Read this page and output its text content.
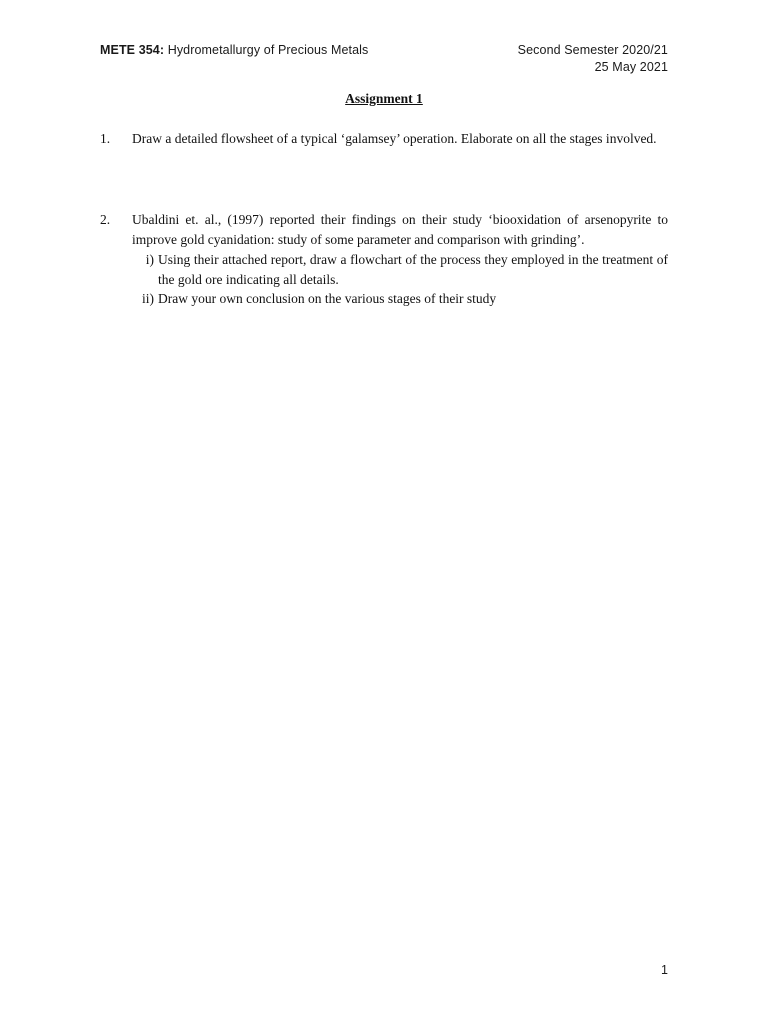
METE 354: Hydrometallurgy of Precious Metals	Second Semester 2020/21
25 May 2021
Assignment 1
1. Draw a detailed flowsheet of a typical ‘galamsey’ operation. Elaborate on all the stages involved.
2. Ubaldini et. al., (1997) reported their findings on their study ‘biooxidation of arsenopyrite to improve gold cyanidation: study of some parameter and comparison with grinding’.
i) Using their attached report, draw a flowchart of the process they employed in the treatment of the gold ore indicating all details.
ii) Draw your own conclusion on the various stages of their study
1
